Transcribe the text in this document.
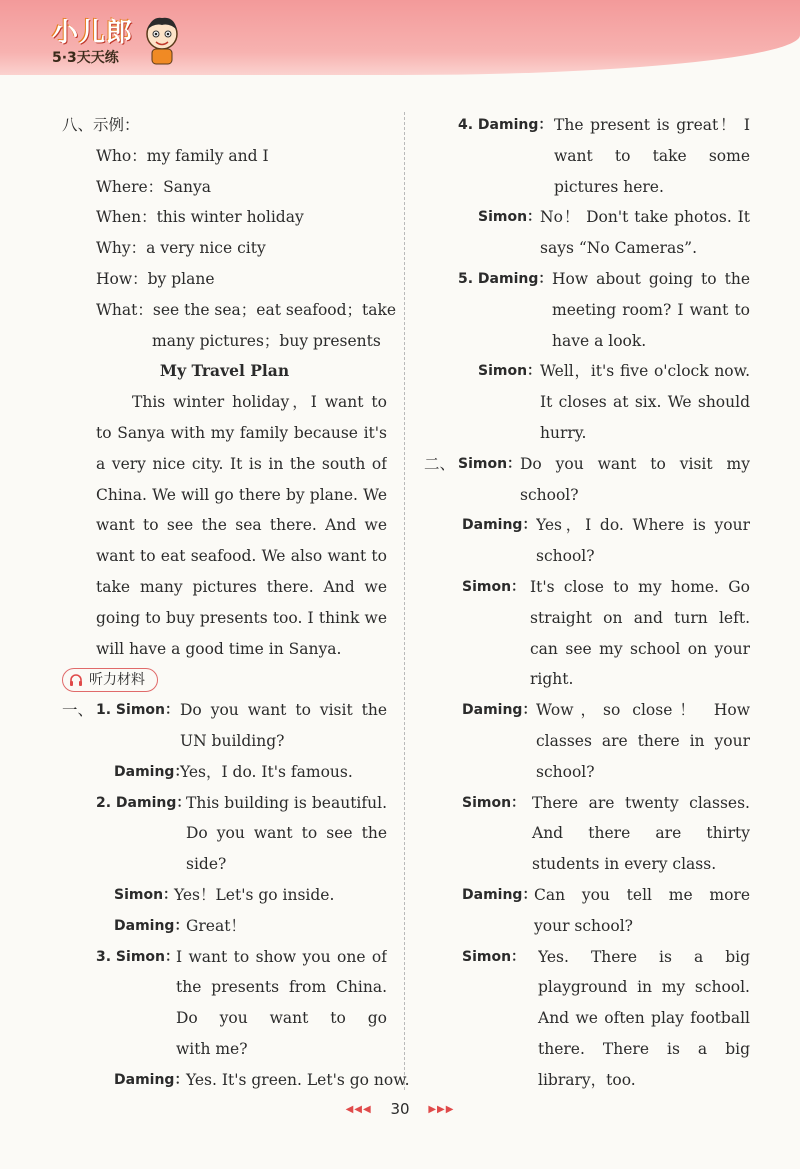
小儿郎
5·3天天练
八、示例：
Who：my family and I
Where：Sanya
When：this winter holiday
Why：a very nice city
How：by plane
What：see the sea；eat seafood；take
many pictures；buy presents
My Travel Plan
This winter holiday，I want to
to Sanya with my family because it's
a very nice city. It is in the south of
China. We will go there by plane. We
want to see the sea there. And we
want to eat seafood. We also want to
take many pictures there. And we
going to buy presents too. I think we
will have a good time in Sanya.
听力材料
一、 1. Simon： Do you want to visit the
UN building?
Daming：
Yes，I do. It's famous.
2. Daming：
This building is beautiful.
Do you want to see the
side?
Simon：
Yes！Let's go inside.
Daming：
Great！
3. Simon：
I want to show you one of
the presents from China.
Do you want to go
with me?
Daming：
Yes. It's green. Let's go now.
4. Daming： The present is great！ I
want to take some
pictures here.
Simon：
No！ Don't take photos. It
says “No Cameras”.
5. Daming： How about going to the
meeting room? I want to
have a look.
Simon：
Well，it's five o'clock now.
It closes at six. We should
hurry.
二、 Simon：
Do you want to visit my
school?
Daming： Yes，I do. Where is your
school?
Simon： It's close to my home. Go
straight on and turn left.
can see my school on your
right.
Daming： Wow，so close！ How
classes are there in your
school?
Simon： There are twenty classes.
And there are thirty
students in every class.
Daming：
Can you tell me more
your school?
Simon： Yes. There is a big
playground in my school.
And we often play football
there. There is a big
library，too.
◀◀◀ 30 ▶▶▶
